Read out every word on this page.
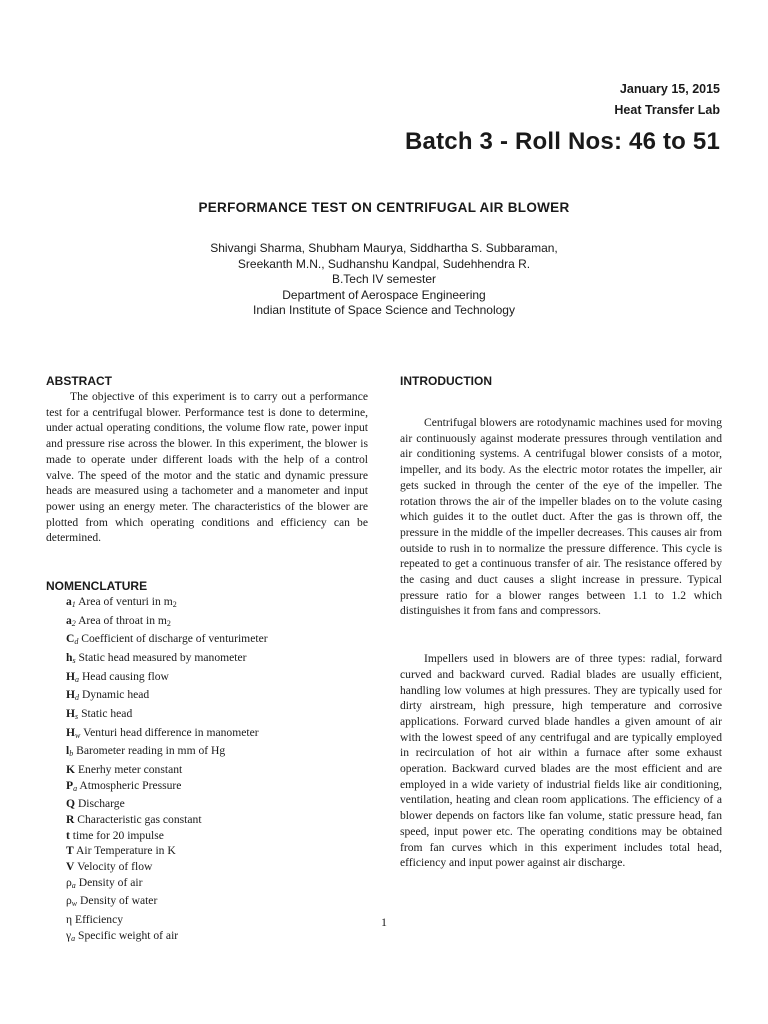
January 15, 2015
Heat Transfer Lab
Batch 3 - Roll Nos: 46 to 51
PERFORMANCE TEST ON CENTRIFUGAL AIR BLOWER
Shivangi Sharma, Shubham Maurya, Siddhartha S. Subbaraman,
Sreekanth M.N., Sudhanshu Kandpal, Sudehhendra R.
B.Tech IV semester
Department of Aerospace Engineering
Indian Institute of Space Science and Technology
ABSTRACT

The objective of this experiment is to carry out a performance test for a centrifugal blower. Performance test is done to determine, under actual operating conditions, the volume flow rate, power input and pressure rise across the blower. In this experiment, the blower is made to operate under different loads with the help of a control valve. The speed of the motor and the static and dynamic pressure heads are measured using a tachometer and a manometer and input power using an energy meter. The characteristics of the blower are plotted from which operating conditions and efficiency can be determined.

NOMENCLATURE
a1 Area of venturi in m2
a2 Area of throat in m2
Cd Coefficient of discharge of venturimeter
hs Static head measured by manometer
Ha Head causing flow
Hd Dynamic head
Hs Static head
Hw Venturi head difference in manometer
lb Barometer reading in mm of Hg
K Enerhy meter constant
Pa Atmospheric Pressure
Q Discharge
R Characteristic gas constant
t time for 20 impulse
T Air Temperature in K
V Velocity of flow
ρa Density of air
ρw Density of water
η Efficiency
γa Specific weight of air
INTRODUCTION

Centrifugal blowers are rotodynamic machines used for moving air continuously against moderate pressures through ventilation and air conditioning systems. A centrifugal blower consists of a motor, impeller, and its body. As the electric motor rotates the impeller, air gets sucked in through the center of the eye of the impeller. The rotation throws the air of the impeller blades on to the volute casing which guides it to the outlet duct. After the gas is thrown off, the pressure in the middle of the impeller decreases. This causes air from outside to rush in to normalize the pressure difference. This cycle is repeated to get a continuous transfer of air. The resistance offered by the casing and duct causes a slight increase in pressure. Typical pressure ratio for a blower ranges between 1.1 to 1.2 which distinguishes it from fans and compressors.

Impellers used in blowers are of three types: radial, forward curved and backward curved. Radial blades are usually efficient, handling low volumes at high pressures. They are typically used for dirty airstream, high pressure, high temperature and corrosive applications. Forward curved blade handles a given amount of air with the lowest speed of any centrifugal and are typically employed in recirculation of hot air within a furnace after some exhaust operation. Backward curved blades are the most efficient and are employed in a wide variety of industrial fields like air conditioning, ventilation, heating and clean room applications. The efficiency of a blower depends on factors like fan volume, static pressure head, fan speed, input power etc. The operating conditions may be obtained from fan curves which in this experiment includes total head, efficiency and input power against air discharge.

1
